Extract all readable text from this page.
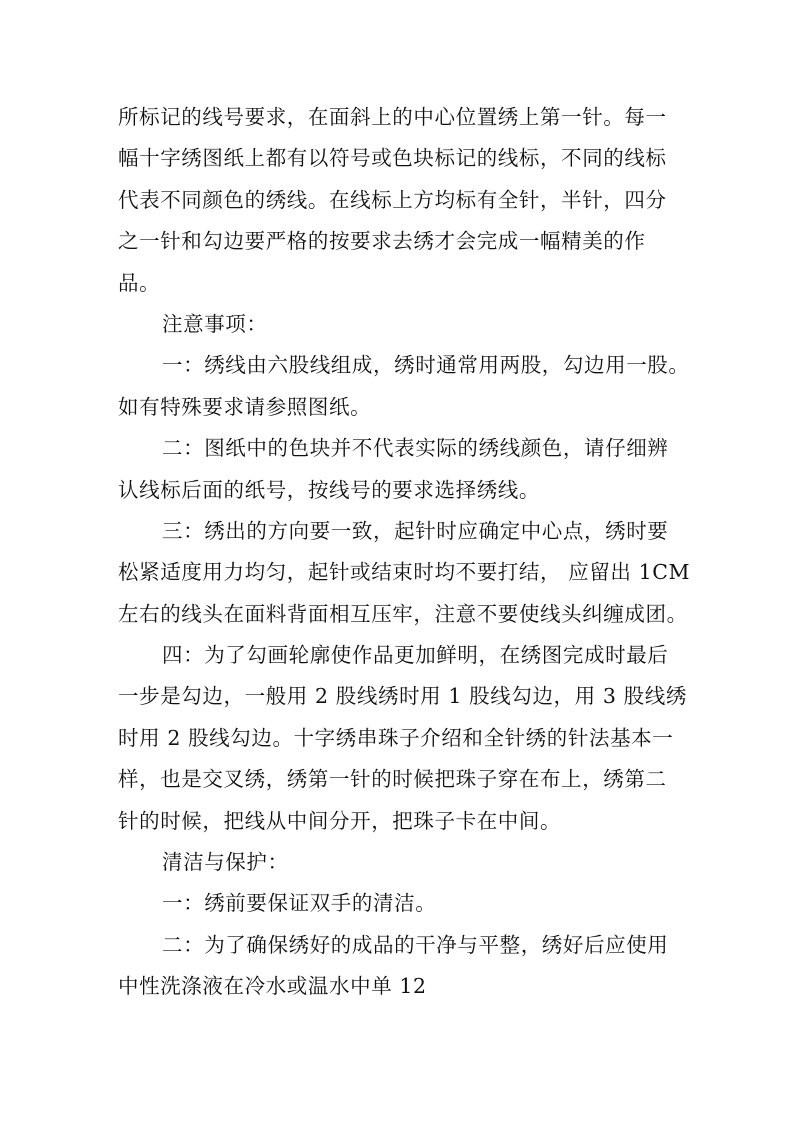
所标记的线号要求，在面斜上的中心位置绣上第一针。每一
幅十字绣图纸上都有以符号或色块标记的线标，不同的线标
代表不同颜色的绣线。在线标上方均标有全针，半针，四分
之一针和勾边要严格的按要求去绣才会完成一幅精美的作
品。
注意事项：
一：绣线由六股线组成，绣时通常用两股，勾边用一股。
如有特殊要求请参照图纸。
二：图纸中的色块并不代表实际的绣线颜色，请仔细辨
认线标后面的纸号，按线号的要求选择绣线。
三：绣出的方向要一致，起针时应确定中心点，绣时要
松紧适度用力均匀，起针或结束时均不要打结， 应留出 1CM
左右的线头在面料背面相互压牢，注意不要使线头纠缠成团。
四：为了勾画轮廓使作品更加鲜明，在绣图完成时最后
一步是勾边，一般用 2 股线绣时用 1 股线勾边，用 3 股线绣
时用 2 股线勾边。十字绣串珠子介绍和全针绣的针法基本一
样，也是交叉绣，绣第一针的时候把珠子穿在布上，绣第二
针的时候，把线从中间分开，把珠子卡在中间。
清洁与保护：
一：绣前要保证双手的清洁。
二：为了确保绣好的成品的干净与平整，绣好后应使用
中性洗涤液在冷水或温水中单 12
